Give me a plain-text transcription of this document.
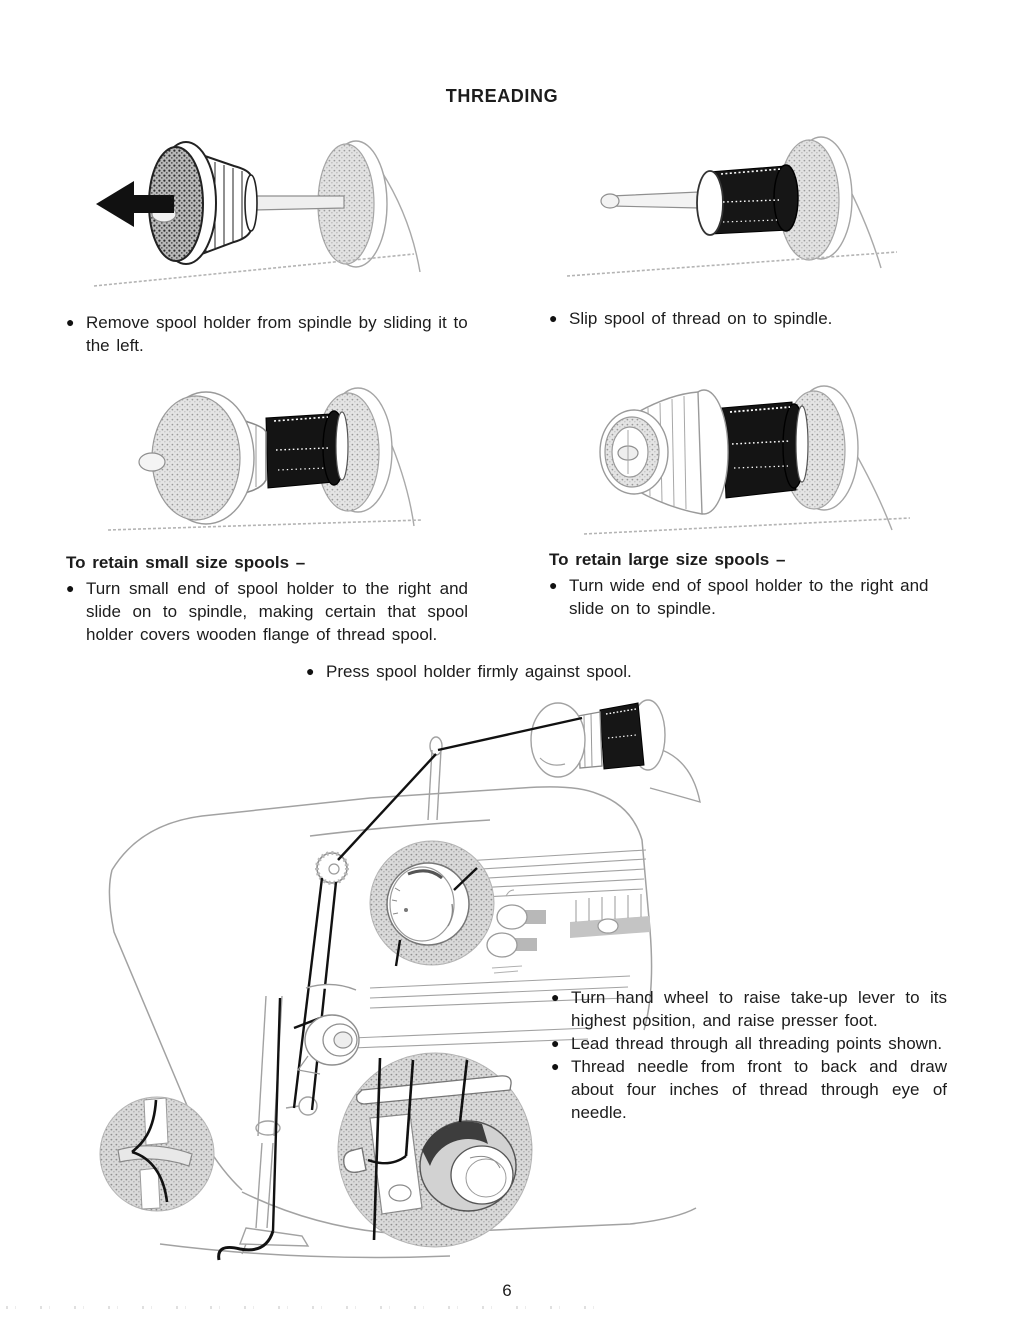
THREADING
● Remove spool holder from spindle by sliding it to the left.
● Slip spool of thread on to spindle.
To retain small size spools –
● Turn small end of spool holder to the right and slide on to spindle, making certain that spool holder covers wooden flange of thread spool.
To retain large size spools –
● Turn wide end of spool holder to the right and slide on to spindle.
● Press spool holder firmly against spool.
● Turn hand wheel to raise take-up lever to its highest position, and raise presser foot.
● Lead thread through all threading points shown.
● Thread needle from front to back and draw about four inches of thread through eye of needle.
6
